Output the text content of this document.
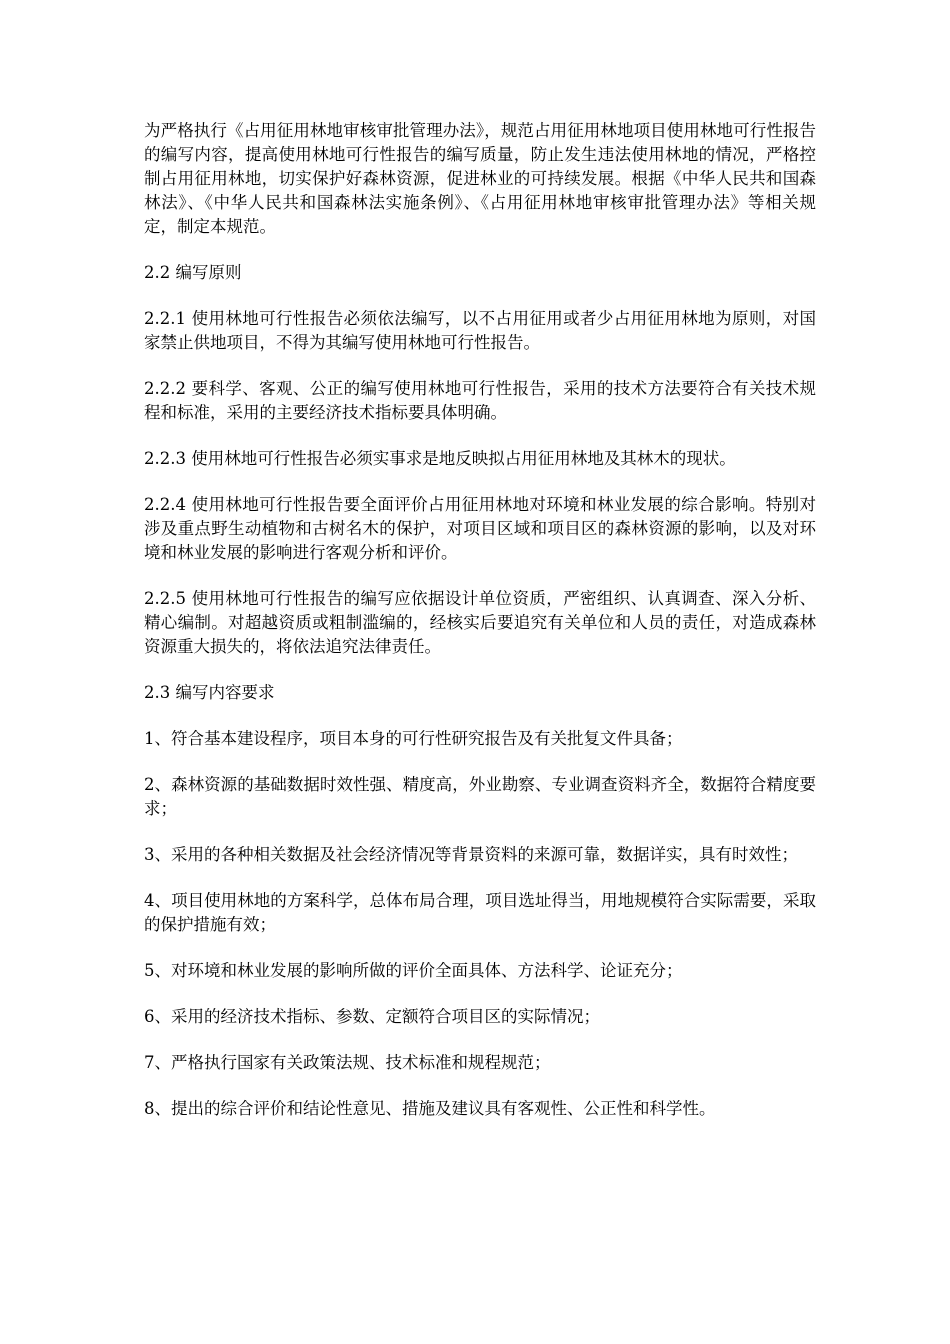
为严格执行《占用征用林地审核审批管理办法》，规范占用征用林地项目使用林地可行性报告的编写内容，提高使用林地可行性报告的编写质量，防止发生违法使用林地的情况，严格控制占用征用林地，切实保护好森林资源，促进林业的可持续发展。根据《中华人民共和国森林法》、《中华人民共和国森林法实施条例》、《占用征用林地审核审批管理办法》等相关规定，制定本规范。

2.2 编写原则

2.2.1 使用林地可行性报告必须依法编写，以不占用征用或者少占用征用林地为原则，对国家禁止供地项目，不得为其编写使用林地可行性报告。

2.2.2 要科学、客观、公正的编写使用林地可行性报告，采用的技术方法要符合有关技术规程和标准，采用的主要经济技术指标要具体明确。

2.2.3 使用林地可行性报告必须实事求是地反映拟占用征用林地及其林木的现状。

2.2.4 使用林地可行性报告要全面评价占用征用林地对环境和林业发展的综合影响。特别对涉及重点野生动植物和古树名木的保护，对项目区域和项目区的森林资源的影响，以及对环境和林业发展的影响进行客观分析和评价。

2.2.5 使用林地可行性报告的编写应依据设计单位资质，严密组织、认真调查、深入分析、精心编制。对超越资质或粗制滥编的，经核实后要追究有关单位和人员的责任，对造成森林资源重大损失的，将依法追究法律责任。

2.3 编写内容要求

1、符合基本建设程序，项目本身的可行性研究报告及有关批复文件具备；

2、森林资源的基础数据时效性强、精度高，外业勘察、专业调查资料齐全，数据符合精度要求；

3、采用的各种相关数据及社会经济情况等背景资料的来源可靠，数据详实，具有时效性；

4、项目使用林地的方案科学，总体布局合理，项目选址得当，用地规模符合实际需要，采取的保护措施有效；

5、对环境和林业发展的影响所做的评价全面具体、方法科学、论证充分；

6、采用的经济技术指标、参数、定额符合项目区的实际情况；

7、严格执行国家有关政策法规、技术标准和规程规范；

8、提出的综合评价和结论性意见、措施及建议具有客观性、公正性和科学性。
